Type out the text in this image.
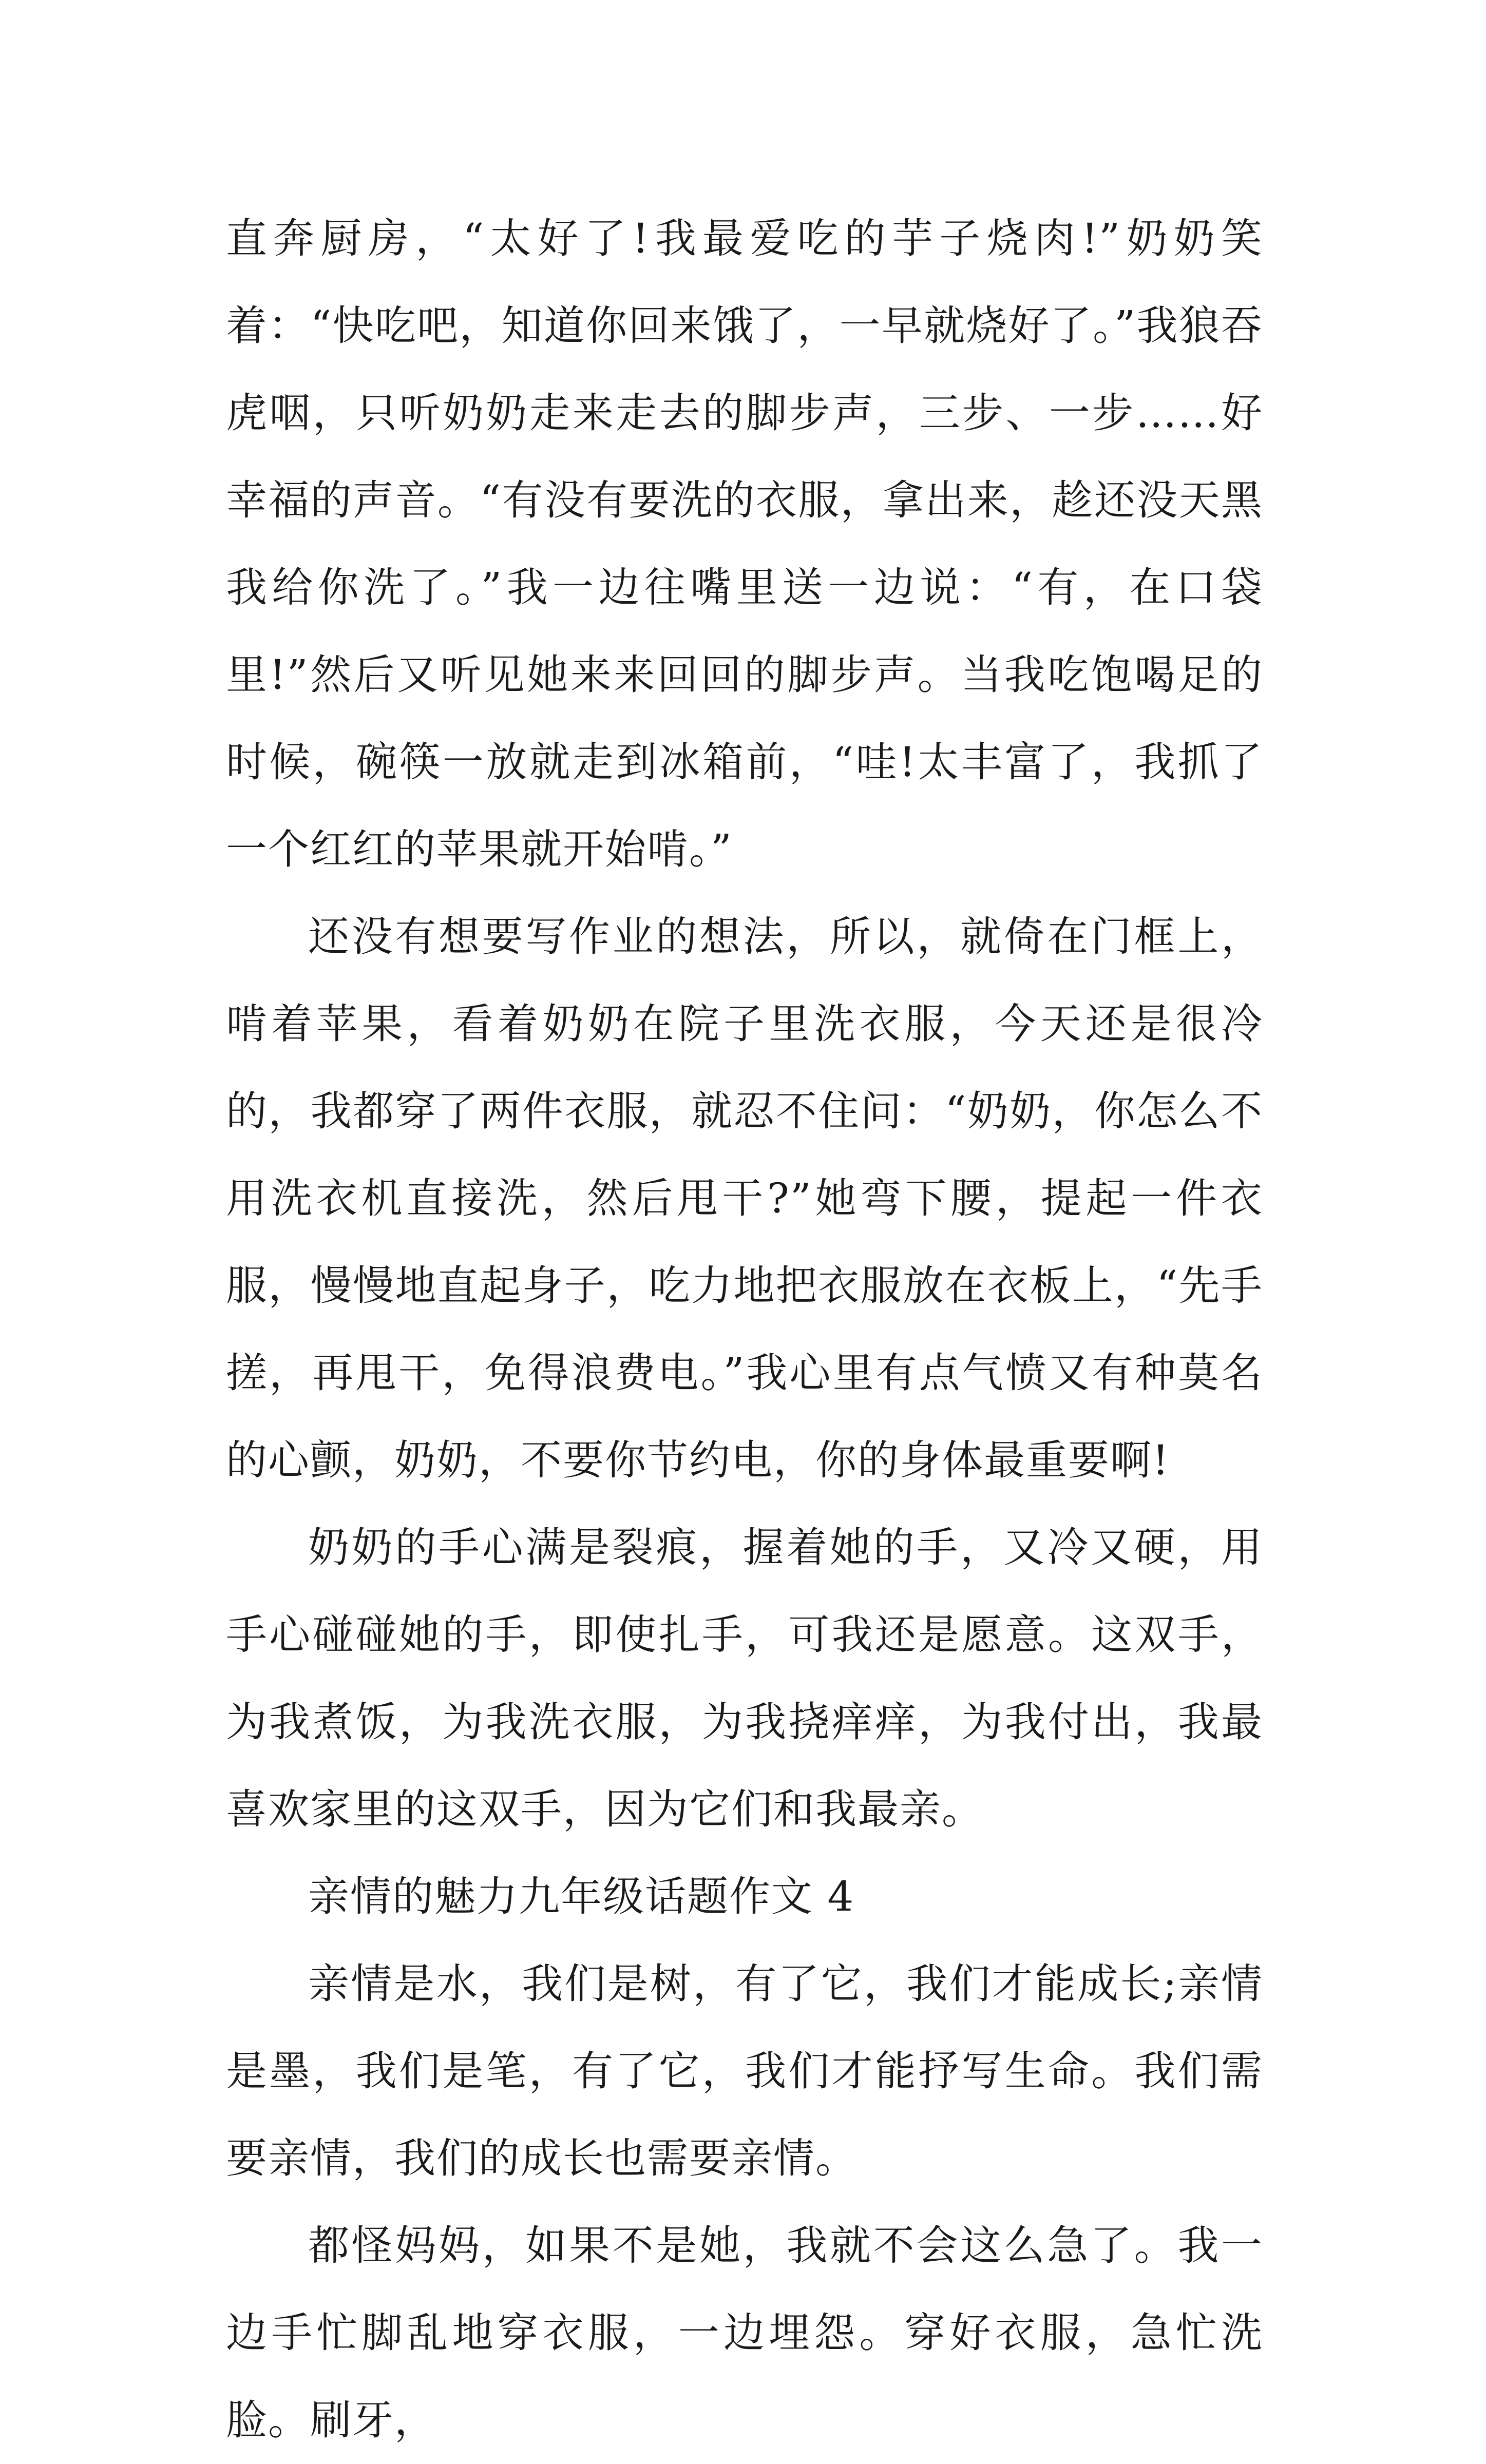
直奔厨房，“太好了!我最爱吃的芋子烧肉!”奶奶笑着：“快吃吧，知道你回来饿了，一早就烧好了。”我狼吞虎咽，只听奶奶走来走去的脚步声，三步、一步……好幸福的声音。“有没有要洗的衣服，拿出来，趁还没天黑我给你洗了。”我一边往嘴里送一边说：“有，在口袋里!”然后又听见她来来回回的脚步声。当我吃饱喝足的时候，碗筷一放就走到冰箱前，“哇!太丰富了，我抓了一个红红的苹果就开始啃。”

还没有想要写作业的想法，所以，就倚在门框上，啃着苹果，看着奶奶在院子里洗衣服，今天还是很冷的，我都穿了两件衣服，就忍不住问：“奶奶，你怎么不用洗衣机直接洗，然后甩干?”她弯下腰，提起一件衣服，慢慢地直起身子，吃力地把衣服放在衣板上，“先手搓，再甩干，免得浪费电。”我心里有点气愤又有种莫名的心颤，奶奶，不要你节约电，你的身体最重要啊!

奶奶的手心满是裂痕，握着她的手，又冷又硬，用手心碰碰她的手，即使扎手，可我还是愿意。这双手，为我煮饭，为我洗衣服，为我挠痒痒，为我付出，我最喜欢家里的这双手，因为它们和我最亲。

亲情的魅力九年级话题作文 4

亲情是水，我们是树，有了它，我们才能成长;亲情是墨，我们是笔，有了它，我们才能抒写生命。我们需要亲情，我们的成长也需要亲情。

都怪妈妈，如果不是她，我就不会这么急了。我一边手忙脚乱地穿衣服，一边埋怨。穿好衣服，急忙洗脸。刷牙，
